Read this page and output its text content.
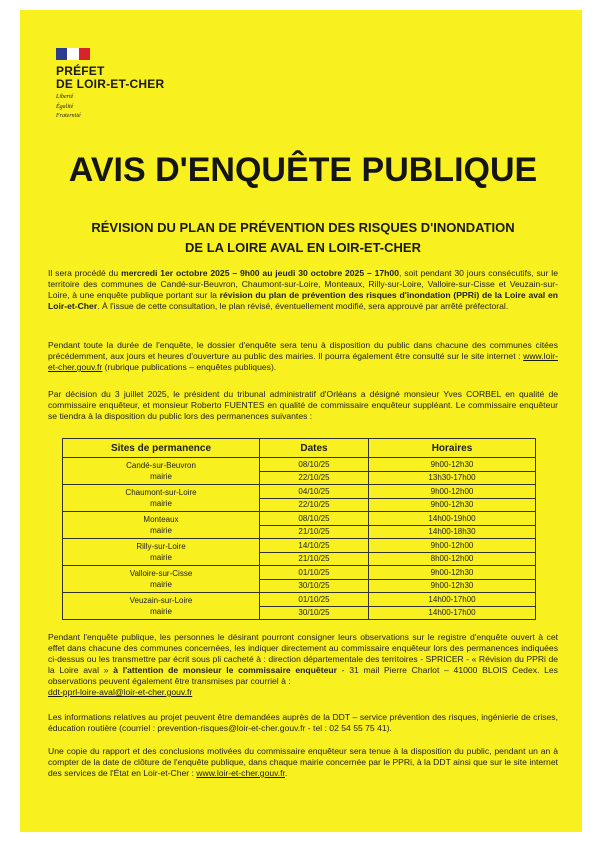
PRÉFET
DE LOIR-ET-CHER
Liberté
Égalité
Fraternité
AVIS D'ENQUÊTE PUBLIQUE
RÉVISION DU PLAN DE PRÉVENTION DES RISQUES D'INONDATION
DE LA LOIRE AVAL EN LOIR-ET-CHER
Il sera procédé du mercredi 1er octobre 2025 – 9h00 au jeudi 30 octobre 2025 – 17h00, soit pendant 30 jours consécutifs, sur le territoire des communes de Candé-sur-Beuvron, Chaumont-sur-Loire, Monteaux, Rilly-sur-Loire, Valloire-sur-Cisse et Veuzain-sur-Loire, à une enquête publique portant sur la révision du plan de prévention des risques d'inondation (PPRi) de la Loire aval en Loir-et-Cher. À l'issue de cette consultation, le plan révisé, éventuellement modifié, sera approuvé par arrêté préfectoral.
Pendant toute la durée de l'enquête, le dossier d'enquête sera tenu à disposition du public dans chacune des communes citées précédemment, aux jours et heures d'ouverture au public des mairies. Il pourra également être consulté sur le site internet : www.loir-et-cher.gouv.fr (rubrique publications – enquêtes publiques).
Par décision du 3 juillet 2025, le président du tribunal administratif d'Orléans a désigné monsieur Yves CORBEL en qualité de commissaire enquêteur, et monsieur Roberto FUENTES en qualité de commissaire enquêteur suppléant. Le commissaire enquêteur se tiendra à la disposition du public lors des permanences suivantes :
Sites de permanence	Dates	Horaires

Candé-sur-Beuvron
mairie	08/10/25	9h00-12h30
	22/10/25	13h30-17h00

Chaumont-sur-Loire
mairie	04/10/25	9h00-12h00
	22/10/25	9h00-12h30

Monteaux
mairie	08/10/25	14h00-19h00
	21/10/25	14h00-18h30

Rilly-sur-Loire
mairie	14/10/25	9h00-12h00
	21/10/25	8h00-12h00

Valloire-sur-Cisse
mairie	01/10/25	9h00-12h30
	30/10/25	9h00-12h30

Veuzain-sur-Loire
mairie	01/10/25	14h00-17h00
	30/10/25	14h00-17h00
Pendant l'enquête publique, les personnes le désirant pourront consigner leurs observations sur le registre d'enquête ouvert à cet effet dans chacune des communes concernées, les indiquer directement au commissaire enquêteur lors des permanences indiquées ci-dessus ou les transmettre par écrit sous pli cacheté à : direction départementale des territoires - SPRICER - « Révision du PPRi de la Loire aval » à l'attention de monsieur le commissaire enquêteur - 31 mail Pierre Charlot – 41000 BLOIS Cedex. Les observations peuvent également être transmises par courriel à :
ddt-pprl-loire-aval@loir-et-cher.gouv.fr
Les informations relatives au projet peuvent être demandées auprès de la DDT – service prévention des risques, ingénierie de crises, éducation routière (courriel : prevention-risques@loir-et-cher.gouv.fr - tel : 02 54 55 75 41).
Une copie du rapport et des conclusions motivées du commissaire enquêteur sera tenue à la disposition du public, pendant un an à compter de la date de clôture de l'enquête publique, dans chaque mairie concernée par le PPRi, à la DDT ainsi que sur le site internet des services de l'État en Loir-et-Cher : www.loir-et-cher.gouv.fr.
